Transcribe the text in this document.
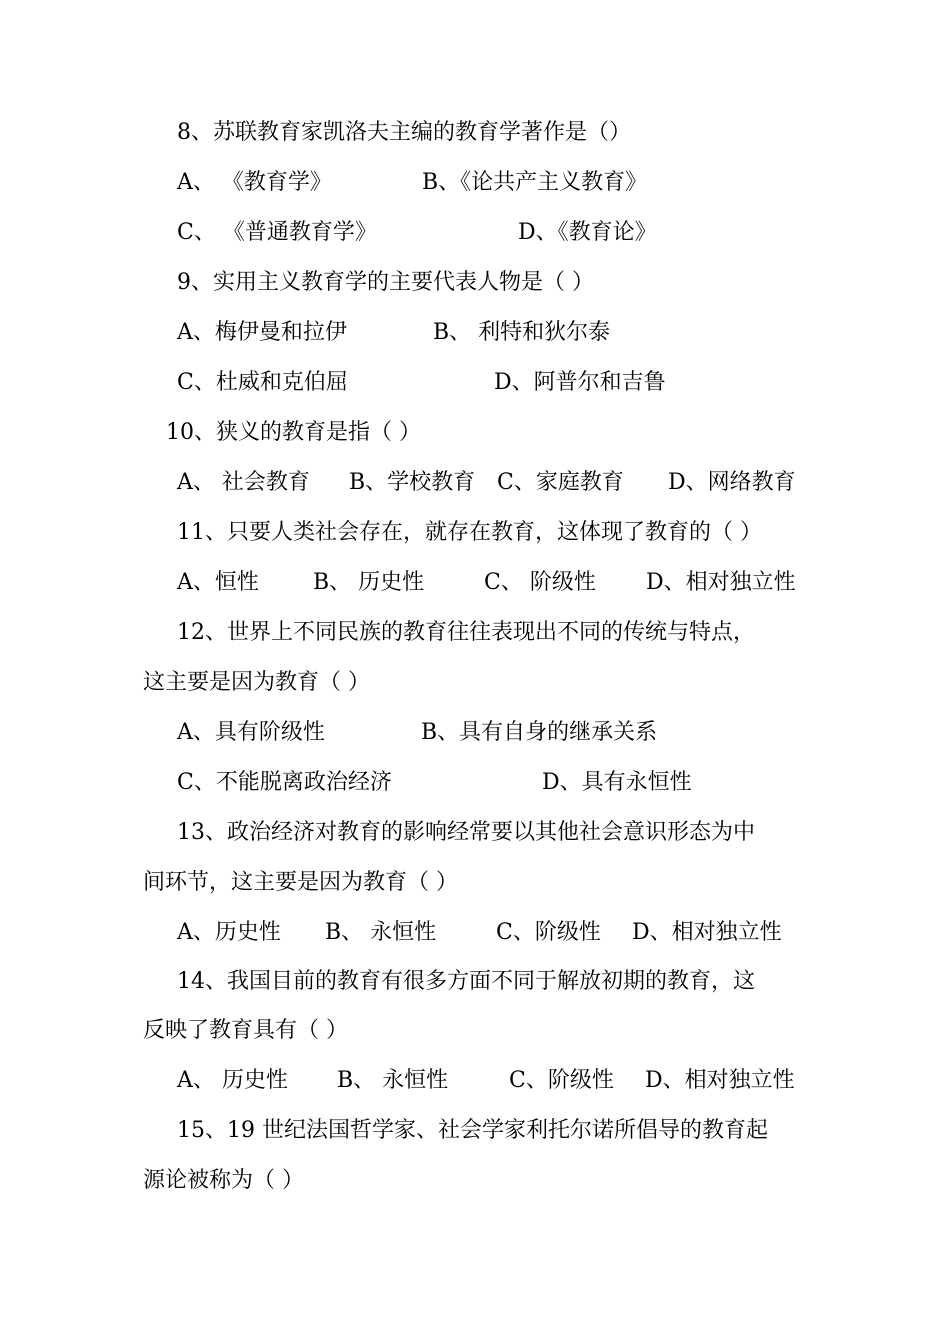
8、苏联教育家凯洛夫主编的教育学著作是（）
A、 《教育学》	B、《论共产主义教育》
C、 《普通教育学》	D、《教育论》
9、实用主义教育学的主要代表人物是（ ）
A、梅伊曼和拉伊	B、 利特和狄尔泰
C、杜威和克伯屈	D、阿普尔和吉鲁
10、狭义的教育是指（ ）
A、 社会教育 B、学校教育 C、家庭教育 D、网络教育
11、只要人类社会存在，就存在教育，这体现了教育的（ ）
A、恒性 B、 历史性	C、 阶级性 D、相对独立性
12、世界上不同民族的教育往往表现出不同的传统与特点，
这主要是因为教育（ ）
A、具有阶级性	B、具有自身的继承关系
C、不能脱离政治经济	D、具有永恒性
13、政治经济对教育的影响经常要以其他社会意识形态为中
间环节，这主要是因为教育（ ）
A、历史性 B、 永恒性	C、阶级性 D、相对独立性
14、我国目前的教育有很多方面不同于解放初期的教育，这
反映了教育具有（ ）
A、 历史性 B、 永恒性	C、阶级性 D、相对独立性
15、19 世纪法国哲学家、社会学家利托尔诺所倡导的教育起
源论被称为（ ）
